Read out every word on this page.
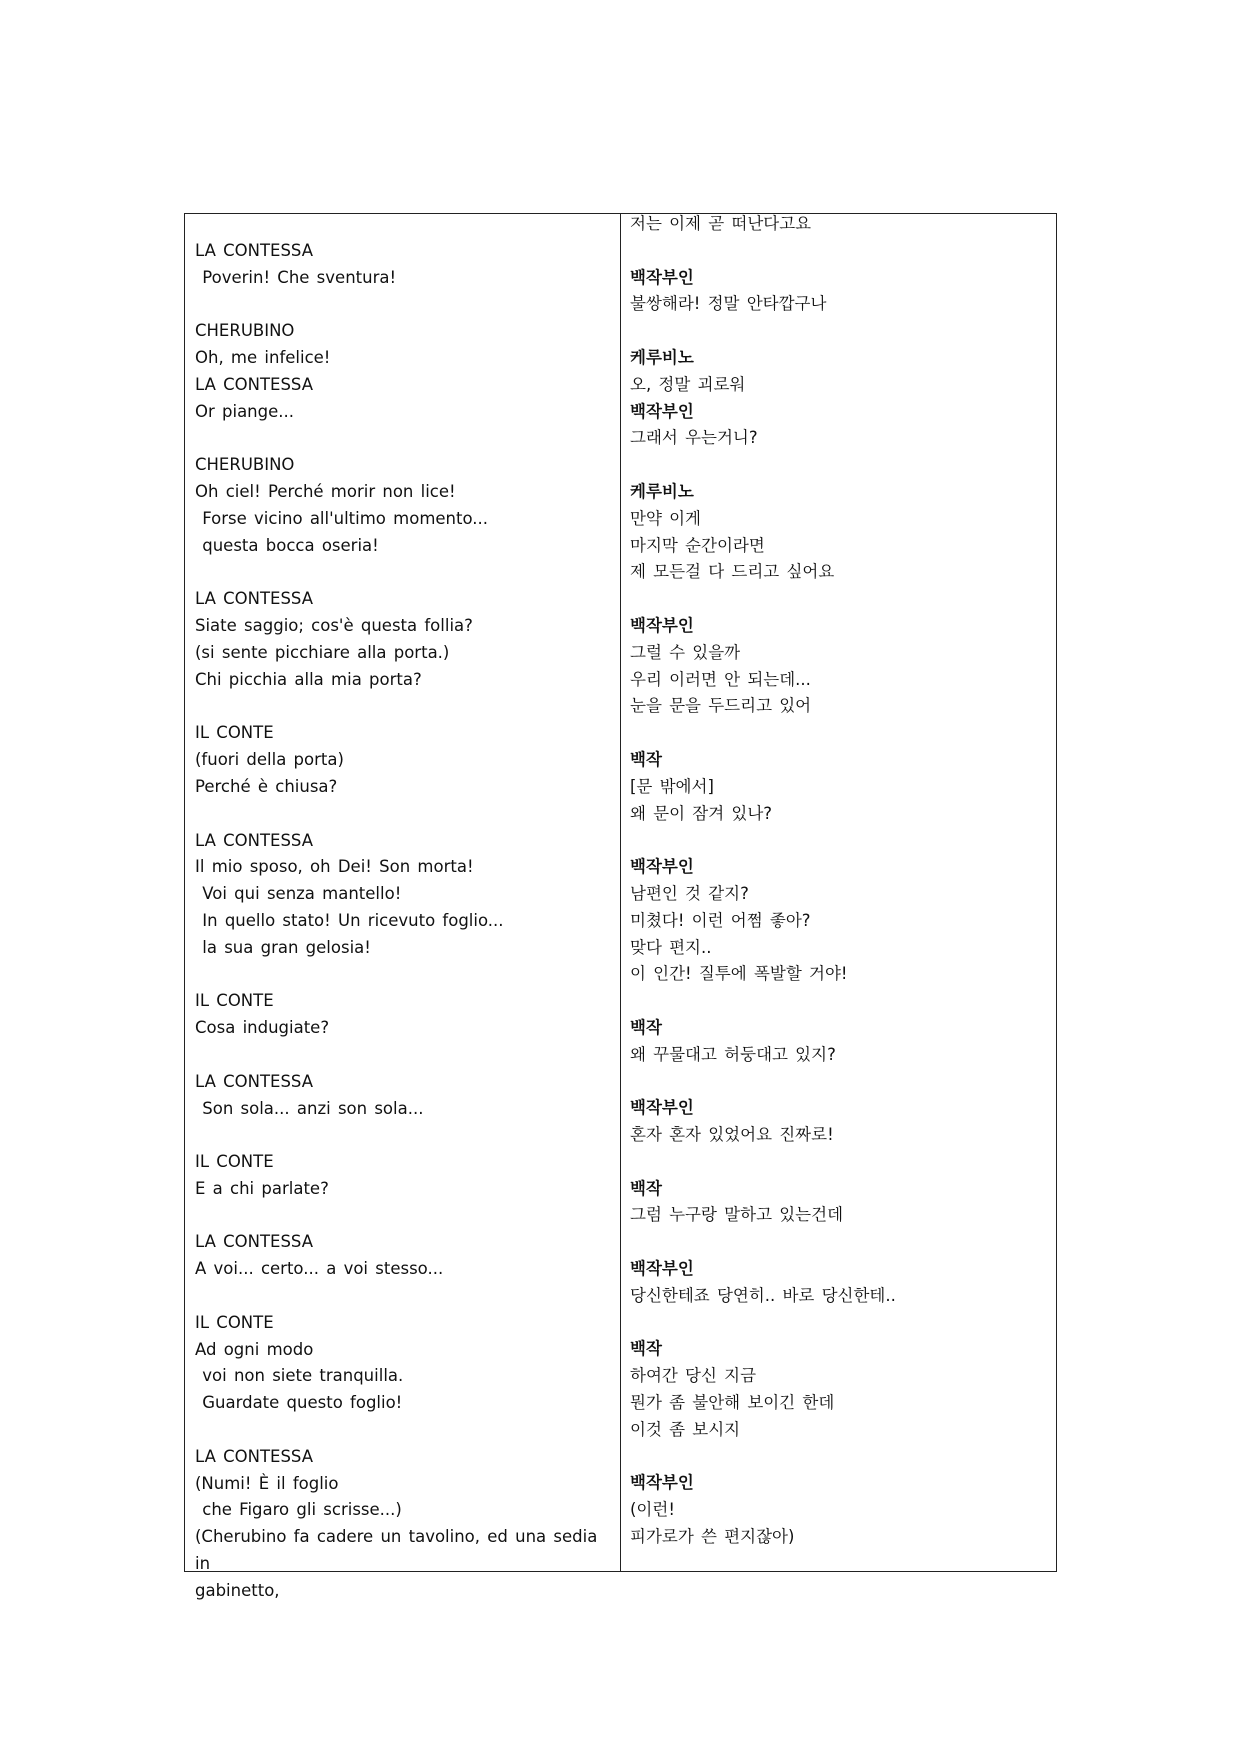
LA CONTESSA
Poverin! Che sventura!
CHERUBINO
Oh, me infelice!
LA CONTESSA
Or piange...
CHERUBINO
Oh ciel! Perché morir non lice!
Forse vicino all'ultimo momento...
questa bocca oseria!
LA CONTESSA
Siate saggio; cos'è questa follia?
(si sente picchiare alla porta.)
Chi picchia alla mia porta?
IL CONTE
(fuori della porta)
Perché è chiusa?
LA CONTESSA
Il mio sposo, oh Dei! Son morta!
Voi qui senza mantello!
In quello stato! Un ricevuto foglio...
la sua gran gelosia!
IL CONTE
Cosa indugiate?
LA CONTESSA
Son sola... anzi son sola...
IL CONTE
E a chi parlate?
LA CONTESSA
A voi... certo... a voi stesso...
IL CONTE
Ad ogni modo
voi non siete tranquilla.
Guardate questo foglio!
LA CONTESSA
(Numi! È il foglio
che Figaro gli scrisse...)
(Cherubino fa cadere un tavolino, ed una sedia in
gabinetto,
저는 이제 곧 떠난다고요
백작부인
불쌍해라! 정말 안타깝구나
케루비노
오, 정말 괴로워
백작부인
그래서 우는거니?
케루비노
만약 이게
마지막 순간이라면
제 모든걸 다 드리고 싶어요
백작부인
그럴 수 있을까
우리 이러면 안 되는데...
눈을 문을 두드리고 있어
백작
[문 밖에서]
왜 문이 잠겨 있나?
백작부인
남편인 것 같지?
미쳤다! 이런 어쩜 좋아?
맞다 편지..
이 인간! 질투에 폭발할 거야!
백작
왜 꾸물대고 허둥대고 있지?
백작부인
혼자 혼자 있었어요 진짜로!
백작
그럼 누구랑 말하고 있는건데
백작부인
당신한테죠 당연히.. 바로 당신한테..
백작
하여간 당신 지금
뭔가 좀 불안해 보이긴 한데
이것 좀 보시지
백작부인
(이런!
피가로가 쓴 편지잖아)
